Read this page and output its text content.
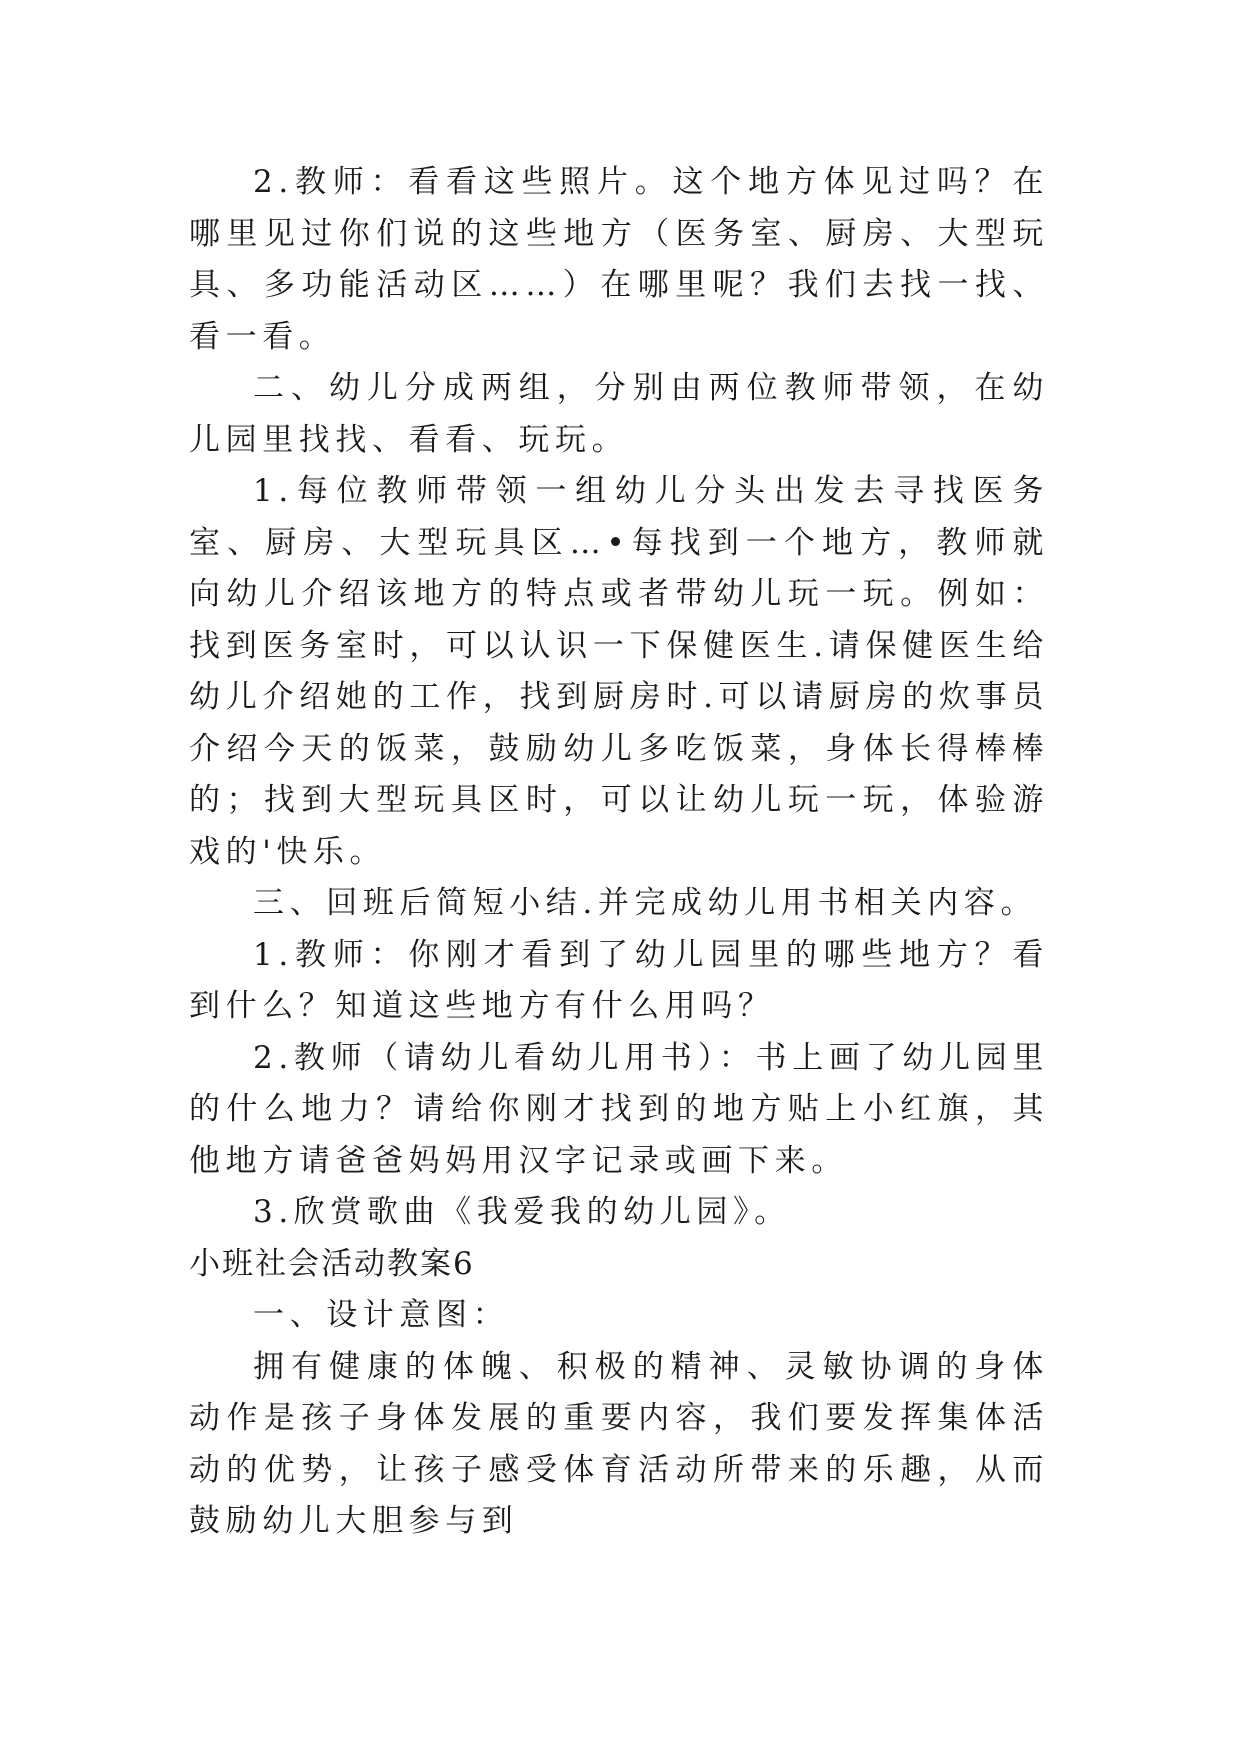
2.教师：看看这些照片。这个地方体见过吗？在哪里见过你们说的这些地方（医务室、厨房、大型玩具、多功能活动区……）在哪里呢？我们去找一找、看一看。

二、幼儿分成两组，分别由两位教师带领，在幼儿园里找找、看看、玩玩。

1.每位教师带领一组幼儿分头出发去寻找医务室、厨房、大型玩具区…•每找到一个地方，教师就向幼儿介绍该地方的特点或者带幼儿玩一玩。例如：找到医务室时，可以认识一下保健医生.请保健医生给幼儿介绍她的工作，找到厨房时.可以请厨房的炊事员介绍今天的饭菜，鼓励幼儿多吃饭菜，身体长得棒棒的；找到大型玩具区时，可以让幼儿玩一玩，体验游戏的'快乐。

三、回班后简短小结.并完成幼儿用书相关内容。

1.教师：你刚才看到了幼儿园里的哪些地方？看到什么？知道这些地方有什么用吗？

2.教师（请幼儿看幼儿用书）：书上画了幼儿园里的什么地力？请给你刚才找到的地方贴上小红旗，其他地方请爸爸妈妈用汉字记录或画下来。

3.欣赏歌曲《我爱我的幼儿园》。

小班社会活动教案6

一、设计意图：

拥有健康的体魄、积极的精神、灵敏协调的身体动作是孩子身体发展的重要内容，我们要发挥集体活动的优势，让孩子感受体育活动所带来的乐趣，从而鼓励幼儿大胆参与到
